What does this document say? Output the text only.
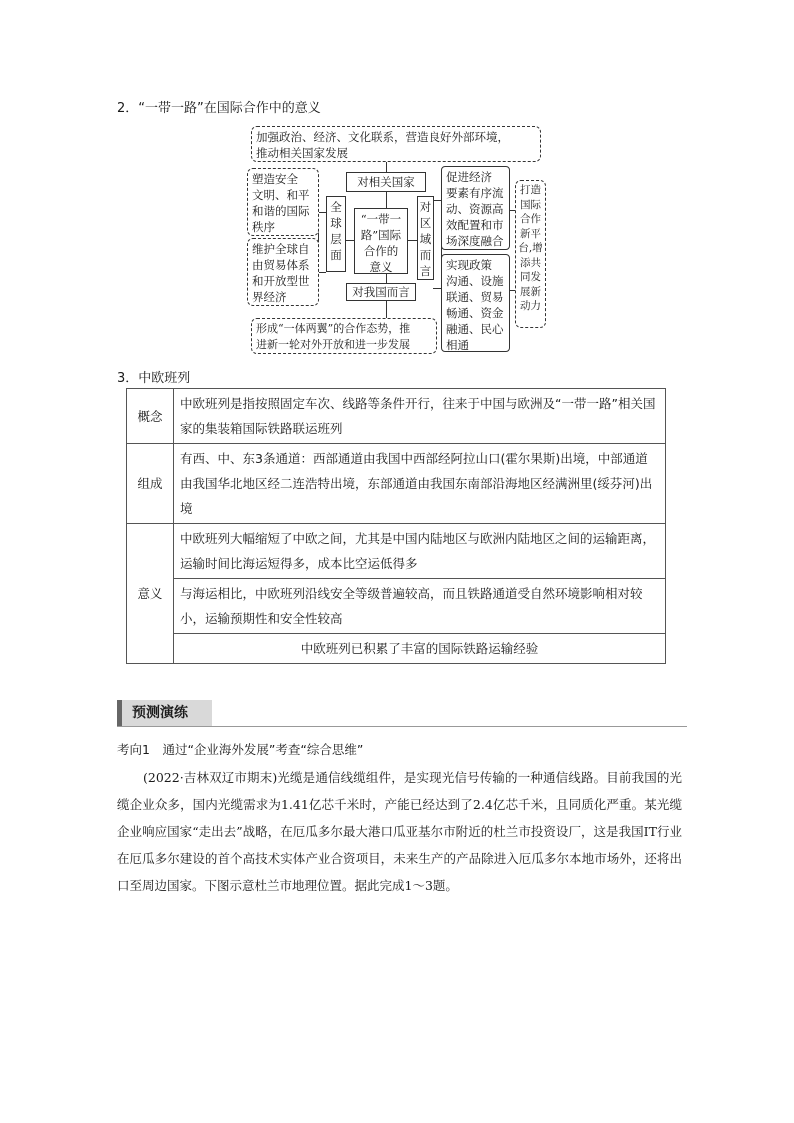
2．“一带一路”在国际合作中的意义
加强政治、经济、文化联系，营造良好外部环境，
推动相关国家发展
塑造安全
文明、和平
和谐的国际
秩序
维护全球自
由贸易体系
和开放型世
界经济
全
球
层
面
对相关国家
“一带一
路”国际
合作的
意义
对我国而言
对
区
域
而
言
促进经济
要素有序流
动、资源高
效配置和市
场深度融合
实现政策
沟通、设施
联通、贸易
畅通、资金
融通、民心
相通
打造
国际
合作
新平
台,增
添共
同发
展新
动力
形成“一体两翼”的合作态势，推
进新一轮对外开放和进一步发展
3．中欧班列
概念	中欧班列是指按照固定车次、线路等条件开行，往来于中国与欧洲及“一带一路”相关国家的集装箱国际铁路联运班列
组成	有西、中、东3条通道：西部通道由我国中西部经阿拉山口(霍尔果斯)出境，中部通道由我国华北地区经二连浩特出境，东部通道由我国东南部沿海地区经满洲里(绥芬河)出境
意义	中欧班列大幅缩短了中欧之间，尤其是中国内陆地区与欧洲内陆地区之间的运输距离，运输时间比海运短得多，成本比空运低得多
	与海运相比，中欧班列沿线安全等级普遍较高，而且铁路通道受自然环境影响相对较小，运输预期性和安全性较高
	中欧班列已积累了丰富的国际铁路运输经验
预测演练
考向1　通过“企业海外发展”考查“综合思维”
(2022·吉林双辽市期末)光缆是通信线缆组件，是实现光信号传输的一种通信线路。目前我国的光缆企业众多，国内光缆需求为1.41亿芯千米时，产能已经达到了2.4亿芯千米，且同质化严重。某光缆企业响应国家“走出去”战略，在厄瓜多尔最大港口瓜亚基尔市附近的杜兰市投资设厂，这是我国IT行业在厄瓜多尔建设的首个高技术实体产业合资项目，未来生产的产品除进入厄瓜多尔本地市场外，还将出口至周边国家。下图示意杜兰市地理位置。据此完成1～3题。
